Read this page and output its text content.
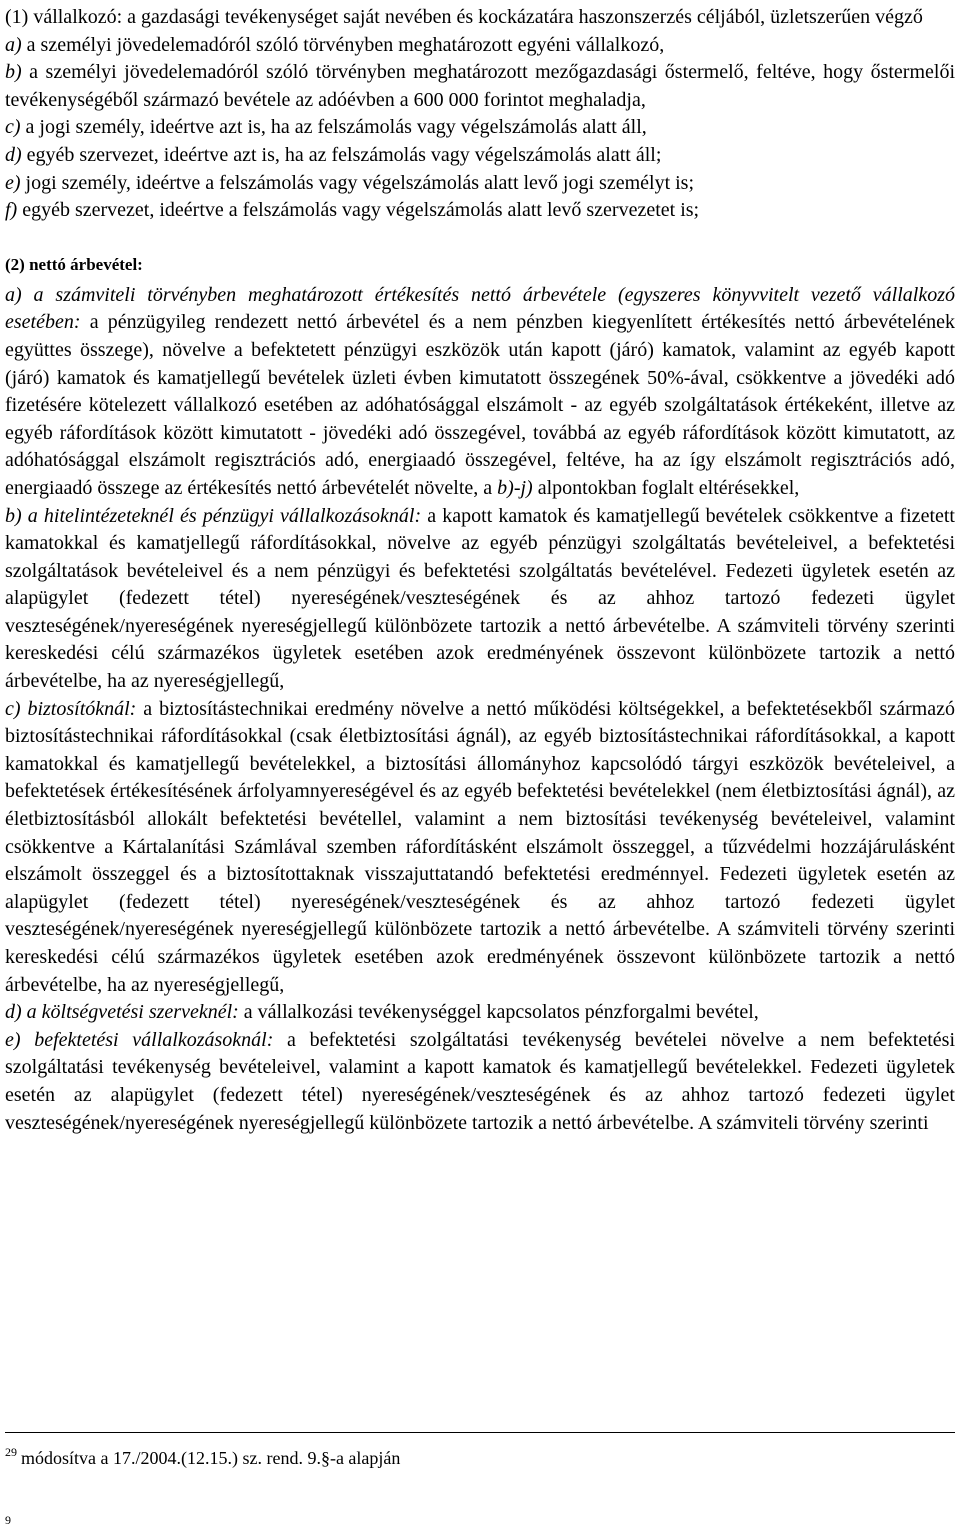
(1) vállalkozó: a gazdasági tevékenységet saját nevében és kockázatára haszonszerzés céljából, üzletszerűen végző
a) a személyi jövedelemadóról szóló törvényben meghatározott egyéni vállalkozó,
b) a személyi jövedelemadóról szóló törvényben meghatározott mezőgazdasági őstermelő, feltéve, hogy őstermelői tevékenységéből származó bevétele az adóévben a 600 000 forintot meghaladja,
c) a jogi személy, ideértve azt is, ha az felszámolás vagy végelszámolás alatt áll,
d) egyéb szervezet, ideértve azt is, ha az felszámolás vagy végelszámolás alatt áll;
e) jogi személy, ideértve a felszámolás vagy végelszámolás alatt levő jogi személyt is;
f) egyéb szervezet, ideértve a felszámolás vagy végelszámolás alatt levő szervezetet is;

(2) nettó árbevétel:

a) a számviteli törvényben meghatározott értékesítés nettó árbevétele (egyszeres könyvvitelt vezető vállalkozó esetében: a pénzügyileg rendezett nettó árbevétel és a nem pénzben kiegyenlített értékesítés nettó árbevételének együttes összege), növelve a befektetett pénzügyi eszközök után kapott (járó) kamatok, valamint az egyéb kapott (járó) kamatok és kamatjellegű bevételek üzleti évben kimutatott összegének 50%-ával, csökkentve a jövedéki adó fizetésére kötelezett vállalkozó esetében az adóhatósággal elszámolt - az egyéb szolgáltatások értékeként, illetve az egyéb ráfordítások között kimutatott - jövedéki adó összegével, továbbá az egyéb ráfordítások között kimutatott, az adóhatósággal elszámolt regisztrációs adó, energiaadó összegével, feltéve, ha az így elszámolt regisztrációs adó, energiaadó összege az értékesítés nettó árbevételét növelte, a b)-j) alpontokban foglalt eltérésekkel,
b) a hitelintézeteknél és pénzügyi vállalkozásoknál: a kapott kamatok és kamatjellegű bevételek csökkentve a fizetett kamatokkal és kamatjellegű ráfordításokkal, növelve az egyéb pénzügyi szolgáltatás bevételeivel, a befektetési szolgáltatások bevételeivel és a nem pénzügyi és befektetési szolgáltatás bevételével. Fedezeti ügyletek esetén az alapügylet (fedezett tétel) nyereségének/veszteségének és az ahhoz tartozó fedezeti ügylet veszteségének/nyereségének nyereségjellegű különbözete tartozik a nettó árbevételbe. A számviteli törvény szerinti kereskedési célú származékos ügyletek esetében azok eredményének összevont különbözete tartozik a nettó árbevételbe, ha az nyereségjellegű,
c) biztosítóknál: a biztosítástechnikai eredmény növelve a nettó működési költségekkel, a befektetésekből származó biztosítástechnikai ráfordításokkal (csak életbiztosítási ágnál), az egyéb biztosítástechnikai ráfordításokkal, a kapott kamatokkal és kamatjellegű bevételekkel, a biztosítási állományhoz kapcsolódó tárgyi eszközök bevételeivel, a befektetések értékesítésének árfolyamnyereségével és az egyéb befektetési bevételekkel (nem életbiztosítási ágnál), az életbiztosításból allokált befektetési bevétellel, valamint a nem biztosítási tevékenység bevételeivel, valamint csökkentve a Kártalanítási Számlával szemben ráfordításként elszámolt összeggel, a tűzvédelmi hozzájárulásként elszámolt összeggel és a biztosítottaknak visszajuttatandó befektetési eredménnyel. Fedezeti ügyletek esetén az alapügylet (fedezett tétel) nyereségének/veszteségének és az ahhoz tartozó fedezeti ügylet veszteségének/nyereségének nyereségjellegű különbözete tartozik a nettó árbevételbe. A számviteli törvény szerinti kereskedési célú származékos ügyletek esetében azok eredményének összevont különbözete tartozik a nettó árbevételbe, ha az nyereségjellegű,
d) a költségvetési szerveknél: a vállalkozási tevékenységgel kapcsolatos pénzforgalmi bevétel,
e) befektetési vállalkozásoknál: a befektetési szolgáltatási tevékenység bevételei növelve a nem befektetési szolgáltatási tevékenység bevételeivel, valamint a kapott kamatok és kamatjellegű bevételekkel. Fedezeti ügyletek esetén az alapügylet (fedezett tétel) nyereségének/veszteségének és az ahhoz tartozó fedezeti ügylet veszteségének/nyereségének nyereségjellegű különbözete tartozik a nettó árbevételbe. A számviteli törvény szerinti

$^{29}$ módosítva a 17./2004.(12.15.) sz. rend. 9.§-a alapján
9
